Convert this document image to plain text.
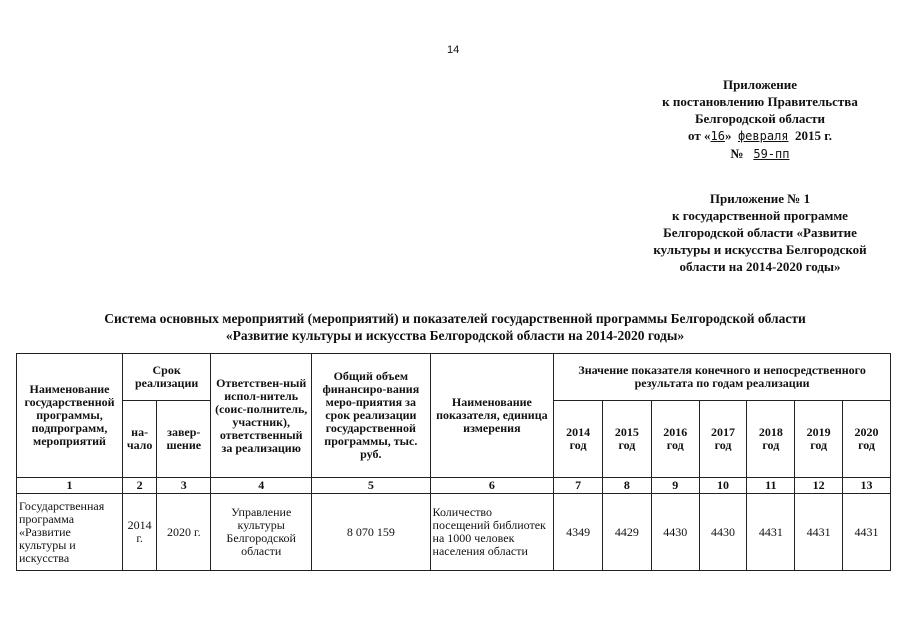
14
Приложение
к постановлению Правительства
Белгородской области
от «16» февраля 2015 г.
№ 59-пп
Приложение № 1
к государственной программе
Белгородской области «Развитие
культуры и искусства Белгородской
области на 2014-2020 годы»
Система основных мероприятий (мероприятий) и показателей государственной программы Белгородской области
«Развитие культуры и искусства Белгородской области на 2014-2020 годы»
Наименование государственной программы, подпрограмм, мероприятий	Срок реализации		Ответствен-ный испол-нитель (соис-полнитель, участник), ответственный за реализацию	Общий объем финансиро-вания меро-приятия за срок реализации государственной программы, тыс. руб.	Наименование показателя, единица измерения	Значение показателя конечного и непосредственного результата по годам реализации						
	на-чало	завер-шение				2014 год	2015 год	2016 год	2017 год	2018 год	2019 год	2020 год
1	2	3	4	5	6	7	8	9	10	11	12	13
Государственная программа «Развитие культуры и искусства	2014 г.	2020 г.	Управление культуры Белгородской области	8 070 159	Количество посещений библиотек на 1000 человек населения области	4349	4429	4430	4430	4431	4431	4431
